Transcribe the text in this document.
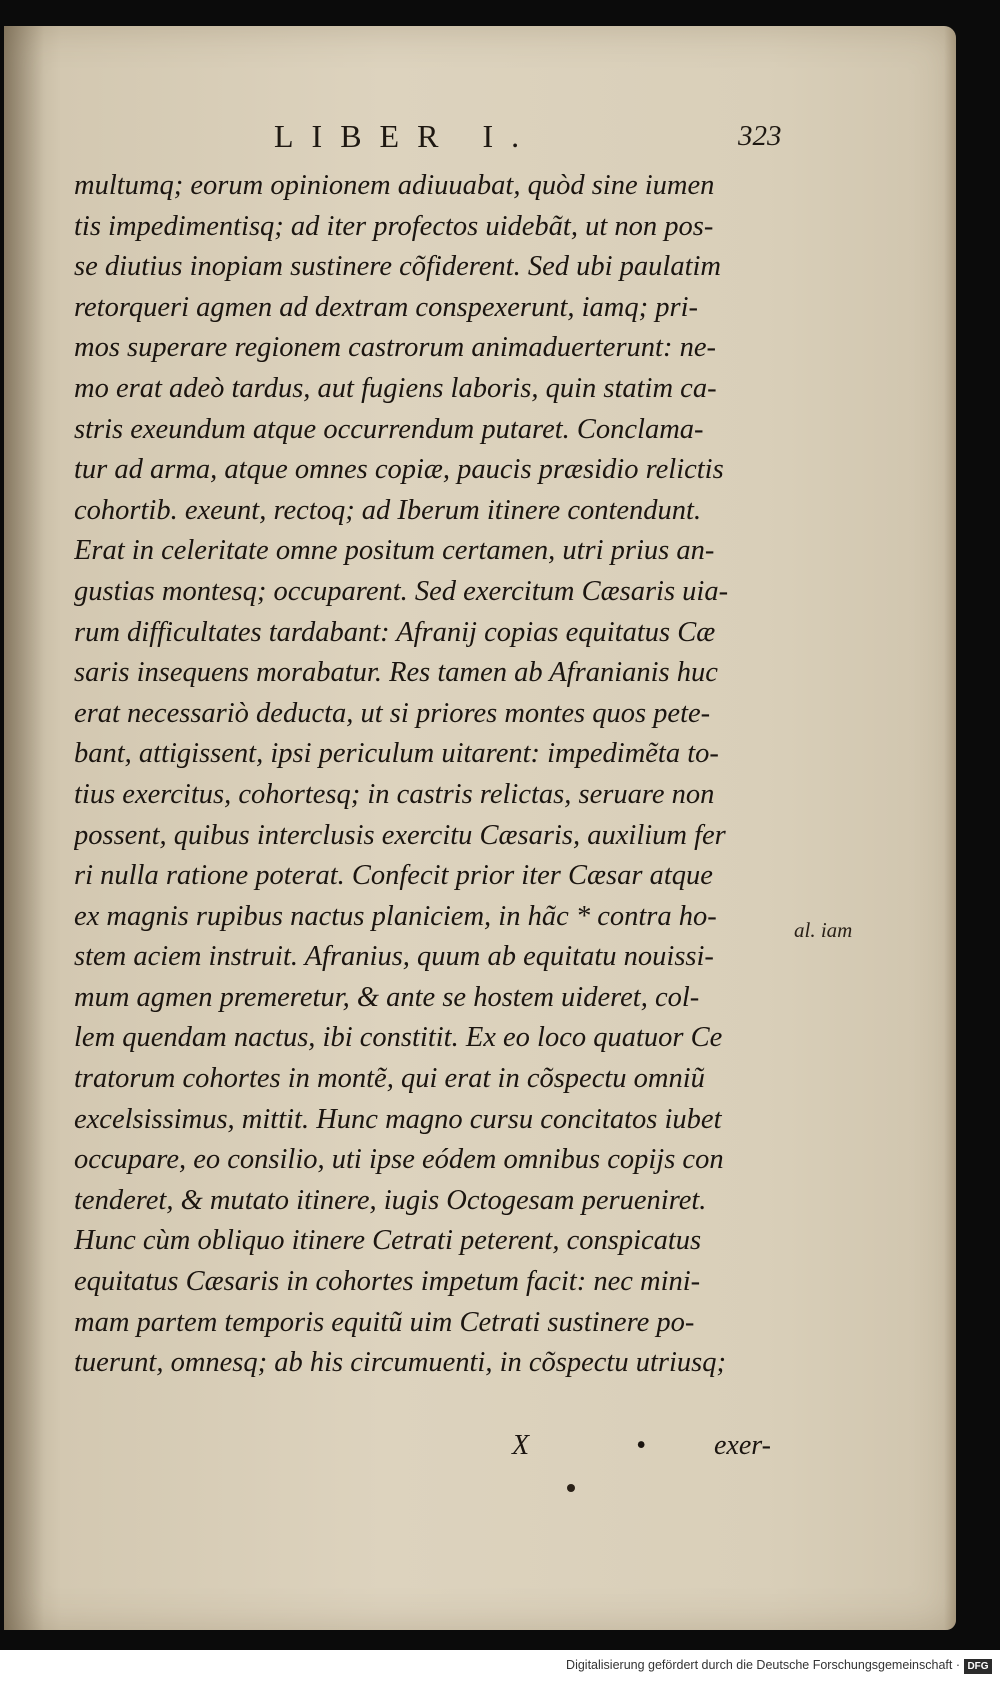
LIBER I.	323
multumq; eorum opinionem adiuuabat, quòd sine iumen
tis impedimentisq; ad iter profectos uidebãt, ut non pos-
se diutius inopiam sustinere cõfiderent. Sed ubi paulatim
retorqueri agmen ad dextram conspexerunt, iamq; pri-
mos superare regionem castrorum animaduerterunt: ne-
mo erat adeò tardus, aut fugiens laboris, quin statim ca-
stris exeundum atque occurrendum putaret. Conclama-
tur ad arma, atque omnes copiæ, paucis præsidio relictis
cohortib. exeunt, rectoq; ad Iberum itinere contendunt.
Erat in celeritate omne positum certamen, utri prius an-
gustias montesq; occuparent. Sed exercitum Cæsaris uia-
rum difficultates tardabant: Afranij copias equitatus Cæ
saris insequens morabatur. Res tamen ab Afranianis huc
erat necessariò deducta, ut si priores montes quos pete-
bant, attigissent, ipsi periculum uitarent: impedimẽta to-
tius exercitus, cohortesq; in castris relictas, seruare non
possent, quibus interclusis exercitu Cæsaris, auxilium fer
ri nulla ratione poterat. Confecit prior iter Cæsar atque
ex magnis rupibus nactus planiciem, in hãc * contra ho-
stem aciem instruit. Afranius, quum ab equitatu nouissi-
mum agmen premeretur, & ante se hostem uideret, col-
lem quendam nactus, ibi constitit. Ex eo loco quatuor Ce
tratorum cohortes in montẽ, qui erat in cõspectu omniũ
excelsissimus, mittit. Hunc magno cursu concitatos iubet
occupare, eo consilio, uti ipse eódem omnibus copijs con
tenderet, & mutato itinere, iugis Octogesam perueniret.
Hunc cùm obliquo itinere Cetrati peterent, conspicatus
equitatus Cæsaris in cohortes impetum facit: nec mini-
mam partem temporis equitũ uim Cetrati sustinere po-
tuerunt, omnesq; ab his circumuenti, in cõspectu utriusq;
al. iam
X	• exer-
Digitalisierung gefördert durch die Deutsche Forschungsgemeinschaft · DFG
